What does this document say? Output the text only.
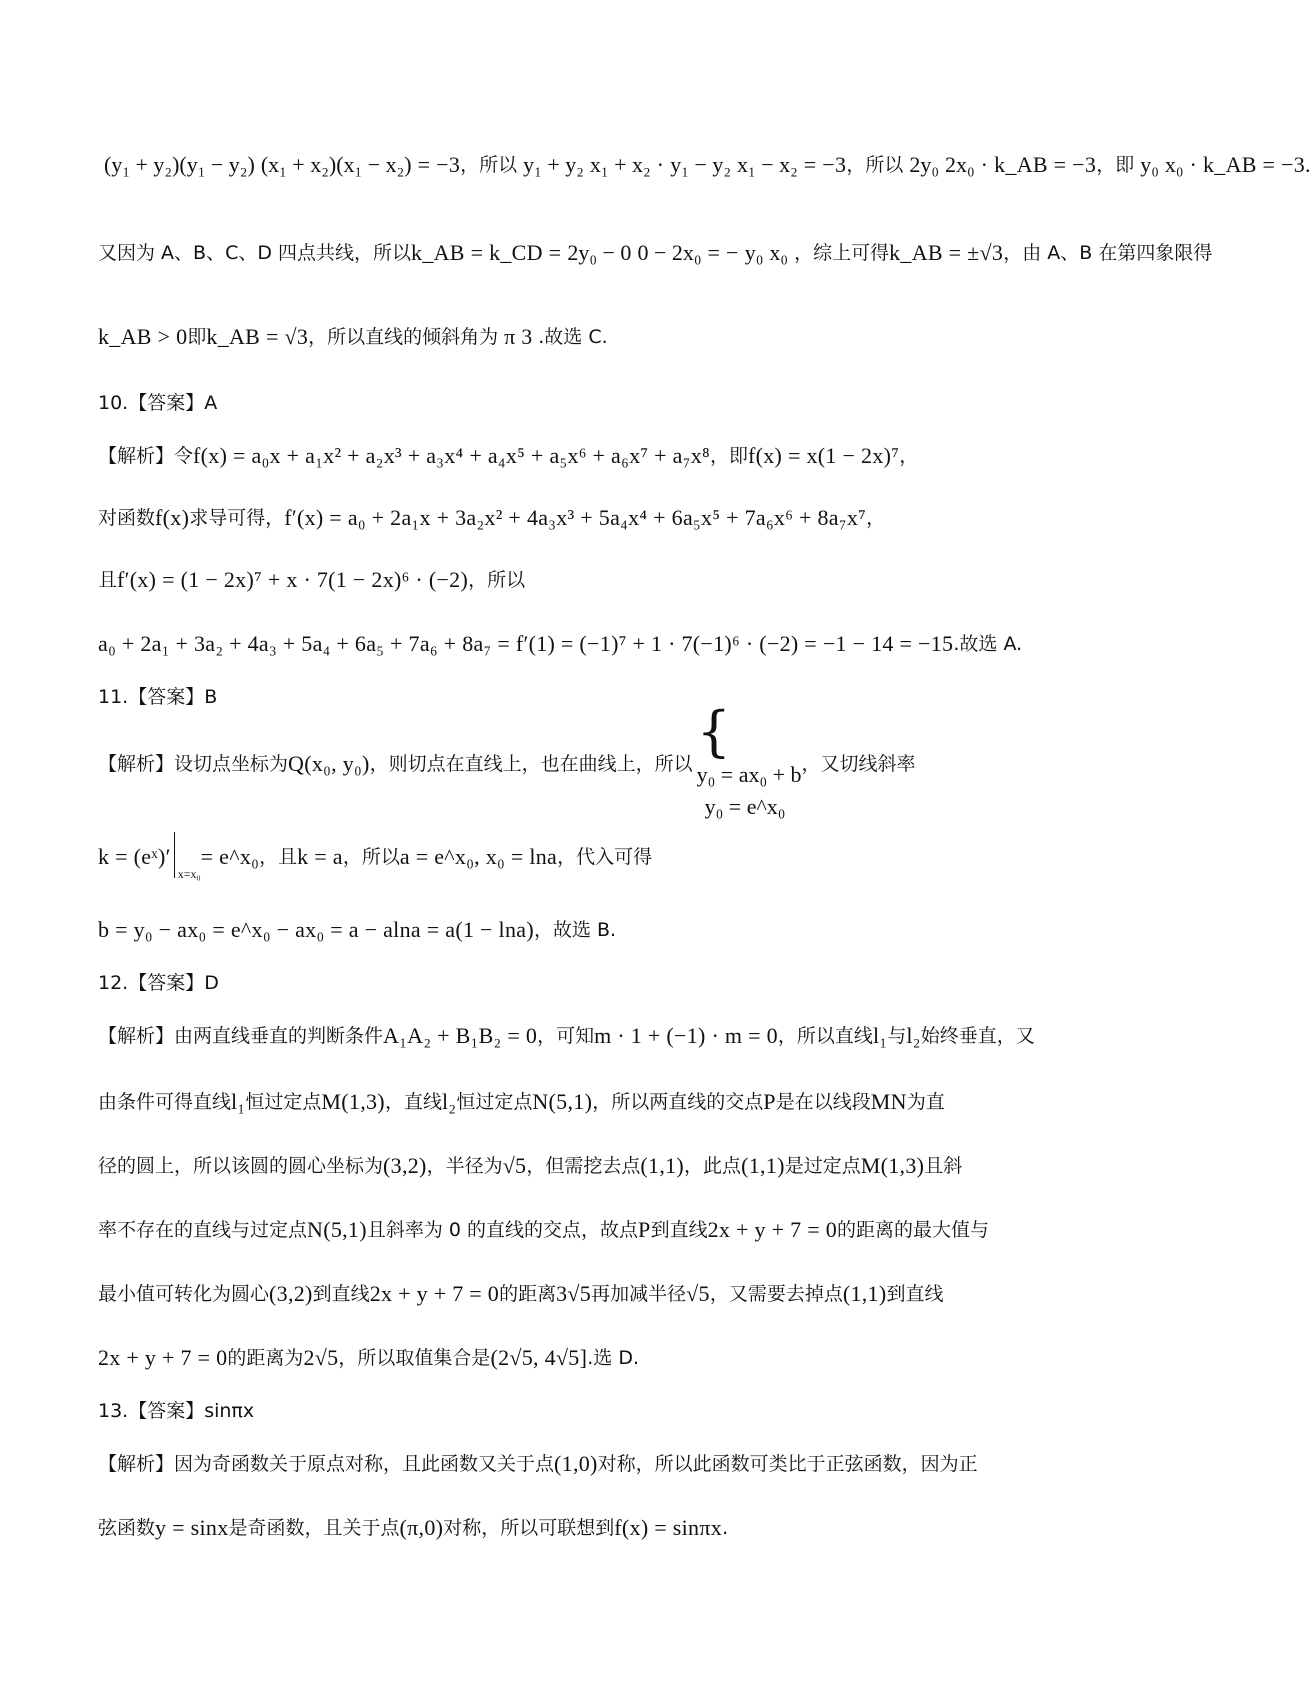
(y₁ + y₂)(y₁ − y₂) (x₁ + x₂)(x₁ − x₂) = −3 ，所以 y₁ + y₂ x₁ + x₂ · y₁ − y₂ x₁ − x₂ = −3 ，所以 2y₀ 2x₀ · k_AB = −3 ，即 y₀ x₀ · k_AB = −3.
又因为 A、B、C、D 四点共线，所以 k_AB = k_CD = 2y₀ − 0 0 − 2x₀ = − y₀ x₀ ，综上可得 k_AB = ±√3 ，由 A、B 在第四象限得
k_AB > 0 即 k_AB = √3 ，所以直线的倾斜角为 π 3 .故选 C.
10.【答案】A
【解析】令 f(x) = a₀x + a₁x² + a₂x³ + a₃x⁴ + a₄x⁵ + a₅x⁶ + a₆x⁷ + a₇x⁸ ，即 f(x) = x(1 − 2x)⁷ ，
对函数 f(x) 求导可得， f′(x) = a₀ + 2a₁x + 3a₂x² + 4a₃x³ + 5a₄x⁴ + 6a₅x⁵ + 7a₆x⁶ + 8a₇x⁷ ，
且 f′(x) = (1 − 2x)⁷ + x · 7(1 − 2x)⁶ · (−2) ，所以
a₀ + 2a₁ + 3a₂ + 4a₃ + 5a₄ + 6a₅ + 7a₆ + 8a₇ = f′(1) = (−1)⁷ + 1 · 7(−1)⁶ · (−2) = −1 − 14 = −15 .故选 A.
11.【答案】B
【解析】设切点坐标为 Q(x₀, y₀) ，则切点在直线上，也在曲线上，所以
{
y₀ = ax₀ + b
y₀ = e^x₀
，又切线斜率
k = (eˣ)′
x=x₀
= e^x₀ ，且 k = a ，所以 a = e^x₀, x₀ = lna ，代入可得
b = y₀ − ax₀ = e^x₀ − ax₀ = a − alna = a(1 − lna) ，故选 B.
12.【答案】D
【解析】由两直线垂直的判断条件 A₁A₂ + B₁B₂ = 0 ，可知 m · 1 + (−1) · m = 0 ，所以直线 l₁ 与 l₂ 始终垂直，又
由条件可得直线 l₁ 恒过定点 M(1,3) ，直线 l₂ 恒过定点 N(5,1) ，所以两直线的交点 P 是在以线段 MN 为直
径的圆上，所以该圆的圆心坐标为 (3,2) ，半径为 √5 ，但需挖去点 (1,1) ，此点 (1,1) 是过定点 M(1,3) 且斜
率不存在的直线与过定点 N(5,1) 且斜率为 0 的直线的交点，故点 P 到直线 2x + y + 7 = 0 的距离的最大值与
最小值可转化为圆心 (3,2) 到直线 2x + y + 7 = 0 的距离 3√5 再加减半径 √5 ，又需要去掉点 (1,1) 到直线
2x + y + 7 = 0 的距离为 2√5 ，所以取值集合是 (2√5, 4√5] .选 D.
13.【答案】sinπx
【解析】因为奇函数关于原点对称，且此函数又关于点 (1,0) 对称，所以此函数可类比于正弦函数，因为正
弦函数 y = sinx 是奇函数，且关于点 (π,0) 对称，所以可联想到 f(x) = sinπx .
